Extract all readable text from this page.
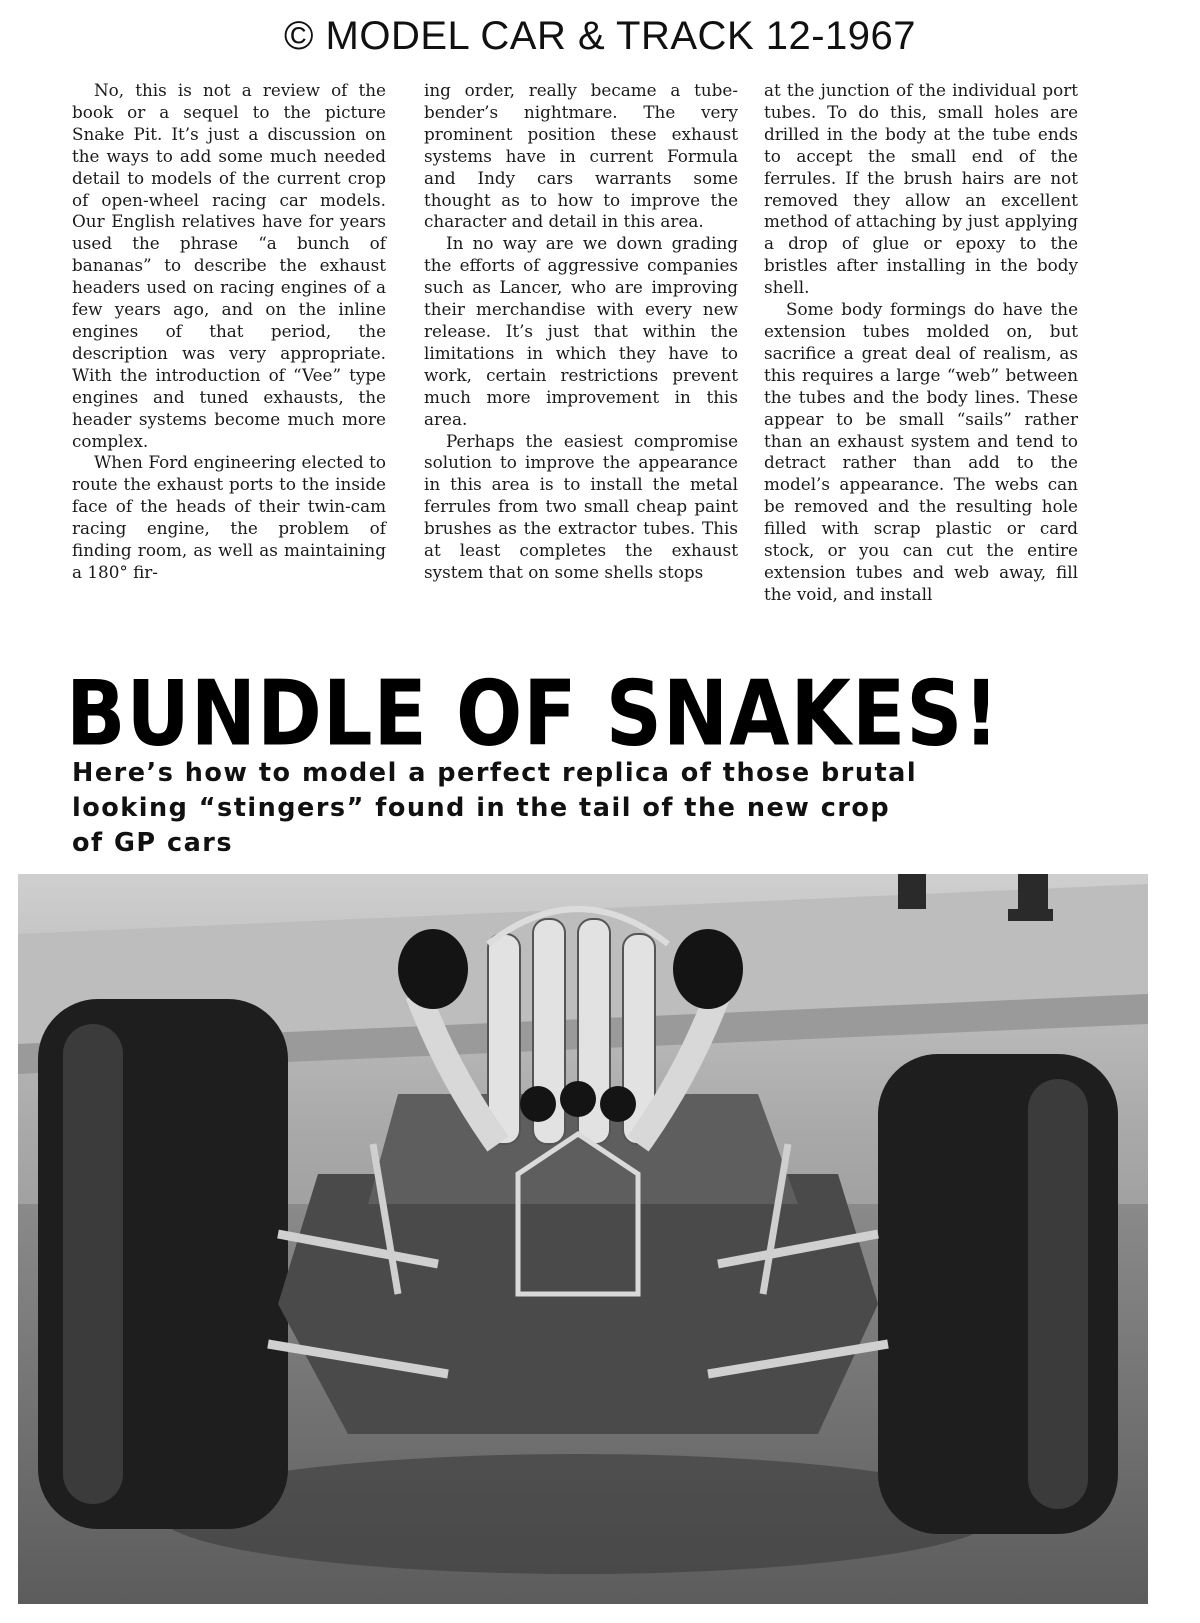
© MODEL CAR & TRACK 12-1967

No, this is not a review of the book or a sequel to the picture Snake Pit. It’s just a discussion on the ways to add some much needed detail to models of the current crop of open-wheel racing car models. Our English relatives have for years used the phrase “a bunch of bananas” to describe the exhaust headers used on racing engines of a few years ago, and on the inline engines of that period, the description was very appropriate. With the introduction of “Vee” type engines and tuned exhausts, the header systems become much more complex.

When Ford engineering elected to route the exhaust ports to the inside face of the heads of their twin-cam racing engine, the problem of finding room, as well as maintaining a 180° fir-

ing order, really became a tube-bender’s nightmare. The very prominent position these exhaust systems have in current Formula and Indy cars warrants some thought as to how to improve the character and detail in this area.

In no way are we down grading the efforts of aggressive companies such as Lancer, who are improving their merchandise with every new release. It’s just that within the limitations in which they have to work, certain restrictions prevent much more improvement in this area.

Perhaps the easiest compromise solution to improve the appearance in this area is to install the metal ferrules from two small cheap paint brushes as the extractor tubes. This at least completes the exhaust system that on some shells stops

at the junction of the individual port tubes. To do this, small holes are drilled in the body at the tube ends to accept the small end of the ferrules. If the brush hairs are not removed they allow an excellent method of attaching by just applying a drop of glue or epoxy to the bristles after installing in the body shell.

Some body formings do have the extension tubes molded on, but sacrifice a great deal of realism, as this requires a large “web” between the tubes and the body lines. These appear to be small “sails” rather than an exhaust system and tend to detract rather than add to the model’s appearance. The webs can be removed and the resulting hole filled with scrap plastic or card stock, or you can cut the entire extension tubes and web away, fill the void, and install

BUNDLE OF SNAKES!
Here’s how to model a perfect replica of those brutal looking “stingers” found in the tail of the new crop of GP cars
